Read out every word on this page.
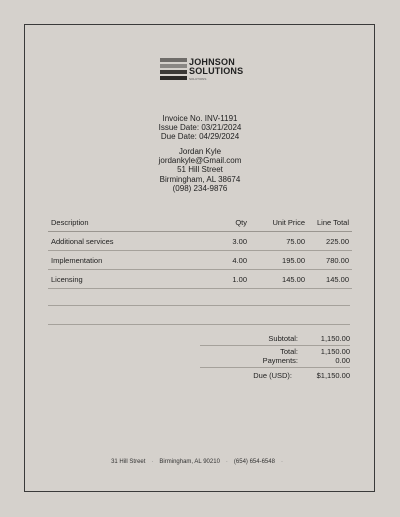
JOHNSON
SOLUTIONS
SOLUTIONS
Invoice No. INV-1191
Issue Date: 03/21/2024
Due Date: 04/29/2024
Jordan Kyle
jordankyle@Gmail.com
51 Hill Street
Birmingham, AL 38674
(098) 234-9876
Description	Qty	Unit Price	Line Total
Additional services	3.00	75.00	225.00
Implementation	4.00	195.00	780.00
Licensing	1.00	145.00	145.00
Subtotal:	1,150.00
Total:	1,150.00
Payments:	0.00
Due (USD):	$1,150.00
31 Hill Street · Birmingham, AL 90210 · (654) 654-6548 ·
